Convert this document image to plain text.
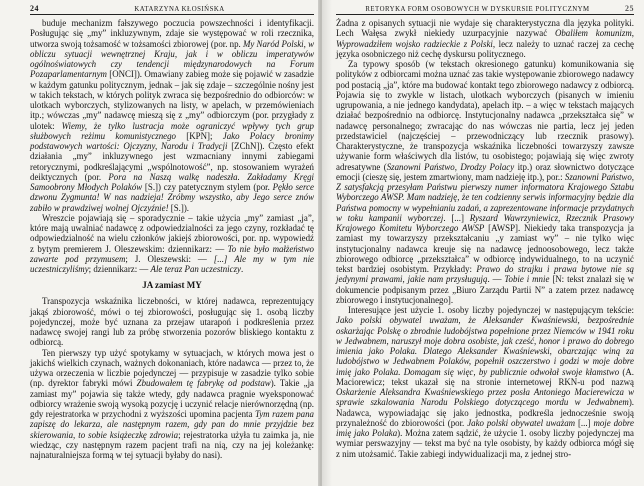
24	KATARZYNA KŁOSIŃSKA

buduje mechanizm fałszywego poczucia powszechności i identyfikacji. Posługując się „my” inkluzywnym, zdaje sie występować w roli rzecznika, utworza swoją tożsamość w tożsamości zbiorowej (por. np. My Naród Polski, w obliczu sytuacji wewnętrznej Kraju, jak i w obliczu imperatywów ogólnoświatowych czy tendencji międzynarodowych na Forum Pozaparlamentarnym [ONCI]). Omawiany zabieg może się pojawić w zasadzie w każdym gatunku politycznym, jednak – jak się zdaje – szczególnie nośny jest w takich tekstach, w których polityk zwraca się bezpośrednio do odbiorców: w ulotkach wyborczych, stylizowanych na listy, w apelach, w przemówieniach itp.; wówczas „my” nadawcę mieszą się z „my” odbiorczym (por. przygłady z ulotek: Wiemy, że tylko lustracja może ograniczyć wpływy tych grup służbowych reżimu komunistycznego [KPN]; Jako Polacy bronimy podstawowych wartości: Ojczyzny, Narodu i Tradycji [ZChN]). Często efekt działania „my” inkluzywnego jest wzmacniany innymi zabiegami retorycznymi, podkreślającymi „wspólnotowość”, np. stosowaniem wyrażeń deiktycznych (por. Pora na Naszą walkę nadeszła. Zakładamy Kręgi Samoobrony Młodych Polaków [S.]) czy patetycznym stylem (por. Pękło serce dzwonu Zygmunta! W nas nadzieja! Zróbmy wszystko, aby Jego serce znów zabiło w prawdziwej wolnej Ojczyźnie! [S.]).

Wreszcie pojawiają się – sporadycznie – takie użycia „my” zamiast „ja”, które mają uwalniać nadawcę z odpowiedzialności za jego czyny, rozkładać tę odpowiedzialność na wielu członków jakiejś zbiorowości, por. np. wypowiedź z bytym premierem J. Oleszewskim: dziennikarz: — To nie było małżeństwo zawarte pod przymusem; J. Oleszewski: — [...] Ale my w tym nie uczestniczyliśmy; dziennikarz: — Ale teraz Pan uczestniczy.

JA zamiast MY

Transpozycja wskaźnika liczebności, w której nadawca, reprezentujący jakąś zbiorowość, mówi o tej zbiorowości, posługując się 1. osobą liczby pojedynczej, może być uznana za przejaw utarapoń i podkreślenia przez nadawcę swojej rangi lub za próbę stworzenia pozorów bliskiego kontaktu z odbiorcą.

Ten pierwszy typ użyć spotykamy w sytuacjach, w których mowa jest o jakichś wielkich czynach, ważnych dokonaniach, które nadawca — przez to, że używa orzeczenia w liczbie pojedynczej — przypisuje w zasadzie tylko sobie (np. dyrektor fabryki mówi Zbudowałem tę fabrykę od podstaw). Takie „ja zamiast my” pojawia się także wtedy, gdy nadawca pragnie wyeksponować odbiorcy wrażenie swoją wysoką pozycję i uczynić relacje nierównorzędną (np. gdy rejestratorka w przychodni z wyższości upomina pacjenta Tym razem pana zapiszę do lekarza, ale następnym razem, gdy pan do mnie przyjdzie bez skierowania, to sobie książeczkę zdrowia; rejestratorka użyła tu zaimka ja, nie wiedząc, czy następnym razem pacjent trafi na nią, czy na jej koleżankę: najnaturalniejsza formą w tej sytuacji byłaby do nasi).

RETORYKA FORM OSOBOWYCH W DYSKURSIE POLITYCZNYM	25

Żadna z opisanych sytuacji nie wydaje się charakterystyczna dla języka polityki. Lech Wałęsa zwykł niekiedy uzurpacyjnie nazywać Obaliłem komunizm, Wyprowadziłem wojsko radzieckie z Polski, lecz należy to uznać raczej za cechę języka osobniczego niż cechę dyskursu politycznego.

Za typowy sposób (w tekstach okresionego gatunku) komunikowania się polityków z odbiorcami można uznać zas takie występowanie zbiorowego nadawcy pod postacią „ja”, które ma budować kontakt tego zbiorowego nadawcy z odbiorcą. Pojawia się to zwykle w listach, ulotkach wyborczych (pisanych w imieniu ugrupowania, a nie jednego kandydata), apelach itp. – a więc w tekstach mających działać bezpośrednio na odbiorcę. Instytucjonalny nadawca „przekształca się” w nadawcę personalnego; zwracając do nas wówczas nie partia, lecz jej jeden przedstawiciel (najczęściej – przewodniczący lub rzecznik prasowy). Charakterystyczne, że transpozycja wskaźnika liczebności towarzyszy zawsze używanie form właściwych dla listów, tu osobistego; pojawiają się więc zwroty adresatywne (Szanowni Państwo, Drodzy Polacy itp.) oraz słownictwo dotyczące emocji (cieszę się, jestem zmartwiony, mam nadzieję itp.), por.: Szanowni Państwo, Z satysfakcją przesyłam Państwu pierwszy numer informatora Krajowego Sztabu Wyborczego AWSP. Mam nadzieję, że ten codzienny serwis informacyjny będzie dla Państwa pomocny w wypełnianiu zadań, a zaprezentowane informacje przydatnych w toku kampanii wyborczej. [...] Ryszard Wawrzyniewicz, Rzecznik Prasowy Krajowego Komitetu Wyborczego AWSP [AWSP]. Niekiedy taka transpozycja ja zamiast my towarzyszy przekształcaniu „y zamiast wy” – nie tylko więc instytucjonalny nadawca kreuje się na nadawcę jednoosobowego, lecz także zbiorowego odbiorcę „przekształca” w odbiorcę indywidualnego, to na uczynić tekst bardziej osobistym. Przykłady: Prawo do strajku i prawa bytowe nie są jedynymi prawami, jakie nam przysługują. — Tobie i mnie [N: tekst znalazł się w dokumencie podpisanym przez „Biuro Zarządu Partii N” a zatem przez nadawcę zbiorowego i instytucjonalnego].

Interesujące jest użycie 1. osoby liczby pojedynczej w następującym tekście: Jako polski obywatel uważam, że Aleksander Kwaśniewski, bezpośrednie oskarżając Polskę o zbrodnie ludobójstwa popełnione przez Niemców w 1941 roku w Jedwabnem, naruszył moje dobra osobiste, jak cześć, honor i prawo do dobrego imienia jako Polaka. Dlatego Aleksander Kwaśniewski, obarczając winą za ludobójstwo w Jedwabnem Polaków, popełnił oszczerstwo i godzi w moje dobre imię jako Polaka. Domagam się więc, by publicznie odwołał swoje kłamstwo (A. Maciorewicz; tekst ukazał się na stronie internetowej RKN-u pod nazwą Oskarżenie Aleksandra Kwaśniewskiego przez posła Antoniego Macierewicza w sprawie szkalowania Narodu Polskiego dotyczącego mordu w Jedwabnem). Nadawca, wypowiadając się jako jednostka, podkreśla jednocześnie swoją przynależność do zbiorowości (por. Jako polski obywatel uważam [...] moje dobre imię jako Polaka). Można zatem sądzić, że użycie 1. osoby liczby pojedynczej ma wymiar perswazyjny — tekst ma być na tyle osobisty, by każdy odbiorca mógł się z nim utożsamić. Takie zabiegi indywidualizacji ma, z jednej stro-
